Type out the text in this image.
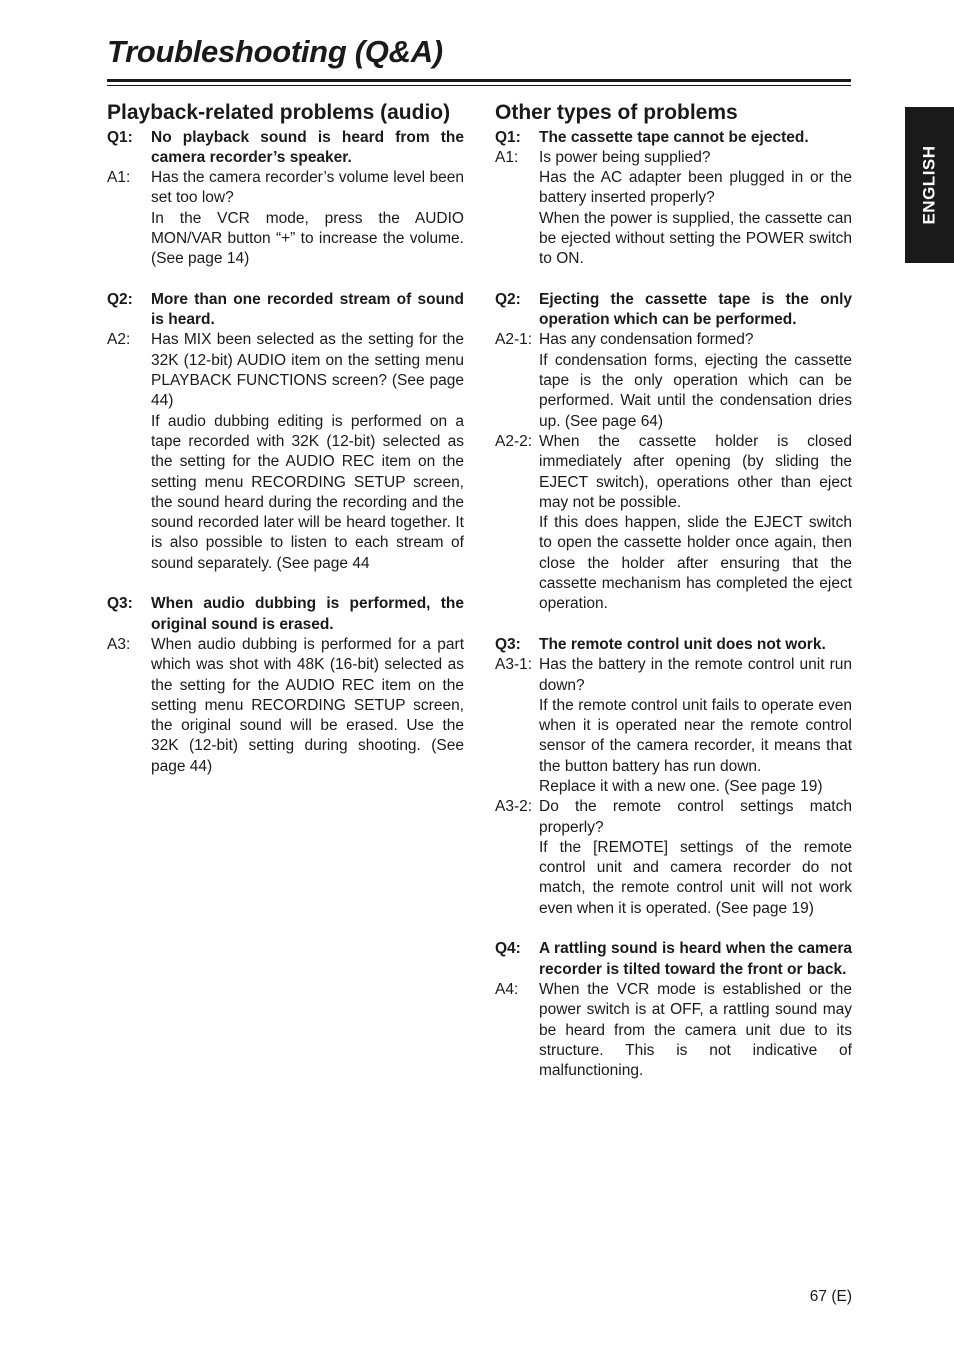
Troubleshooting (Q&A)
ENGLISH
Playback-related problems (audio)
Q1:	No playback sound is heard from the camera recorder’s speaker.

A1:	Has the camera recorder’s volume level been set too low?

In the VCR mode, press the AUDIO MON/VAR button “+” to increase the volume. (See page 14)

Q2:	More than one recorded stream of sound is heard.

A2:	Has MIX been selected as the setting for the 32K (12-bit) AUDIO item on the setting menu PLAYBACK FUNCTIONS screen? (See page 44)

If audio dubbing editing is performed on a tape recorded with 32K (12-bit) selected as the setting for the AUDIO REC item on the setting menu RECORDING SETUP screen, the sound heard during the recording and the sound recorded later will be heard together. It is also possible to listen to each stream of sound separately. (See page 44

Q3:	When audio dubbing is performed, the original sound is erased.

A3:	When audio dubbing is performed for a part which was shot with 48K (16-bit) selected as the setting for the AUDIO REC item on the setting menu RECORDING SETUP screen, the original sound will be erased. Use the 32K (12-bit) setting during shooting. (See page 44)

Other types of problems
Q1:	The cassette tape cannot be ejected.

A1:	Is power being supplied?

Has the AC adapter been plugged in or the battery inserted properly?

When the power is supplied, the cassette can be ejected without setting the POWER switch to ON.

Q2:	Ejecting the cassette tape is the only operation which can be performed.

A2-1: Has any condensation formed?

If condensation forms, ejecting the cassette tape is the only operation which can be performed. Wait until the condensation dries up. (See page 64)

A2-2: When the cassette holder is closed immediately after opening (by sliding the EJECT switch), operations other than eject may not be possible.

If this does happen, slide the EJECT switch to open the cassette holder once again, then close the holder after ensuring that the cassette mechanism has completed the eject operation.

Q3:	The remote control unit does not work.

A3-1: Has the battery in the remote control unit run down?

If the remote control unit fails to operate even when it is operated near the remote control sensor of the camera recorder, it means that the button battery has run down.

Replace it with a new one. (See page 19)

A3-2: Do the remote control settings match properly?

If the [REMOTE] settings of the remote control unit and camera recorder do not match, the remote control unit will not work even when it is operated. (See page 19)

Q4:	A rattling sound is heard when the camera recorder is tilted toward the front or back.

A4:	When the VCR mode is established or the power switch is at OFF, a rattling sound may be heard from the camera unit due to its structure. This is not indicative of malfunctioning.

67 (E)
